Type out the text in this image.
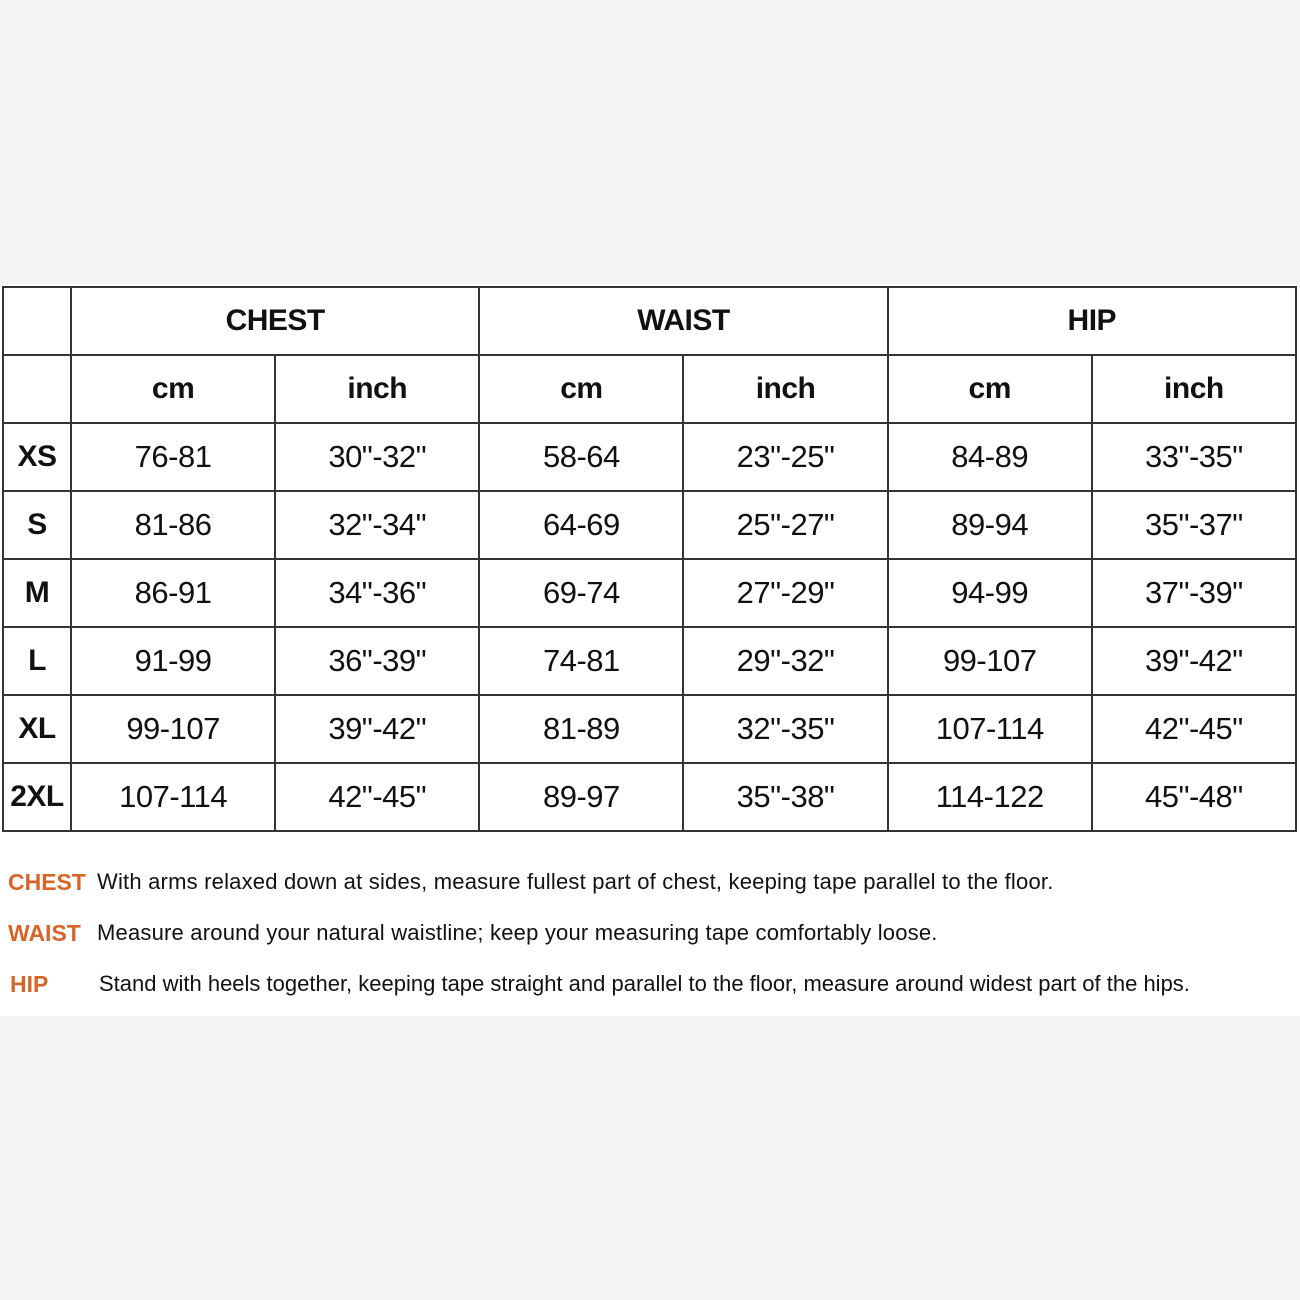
	CHEST		WAIST		HIP	
	cm	inch	cm	inch	cm	inch
XS	76-81	30"-32"	58-64	23"-25"	84-89	33"-35"
S	81-86	32"-34"	64-69	25"-27"	89-94	35"-37"
M	86-91	34"-36"	69-74	27"-29"	94-99	37"-39"
L	91-99	36"-39"	74-81	29"-32"	99-107	39"-42"
XL	99-107	39"-42"	81-89	32"-35"	107-114	42"-45"
2XL	107-114	42"-45"	89-97	35"-38"	114-122	45"-48"
CHEST With arms relaxed down at sides, measure fullest part of chest, keeping tape parallel to the floor.
WAIST Measure around your natural waistline; keep your measuring tape comfortably loose.
HIP Stand with heels together, keeping tape straight and parallel to the floor, measure around widest part of the hips.
